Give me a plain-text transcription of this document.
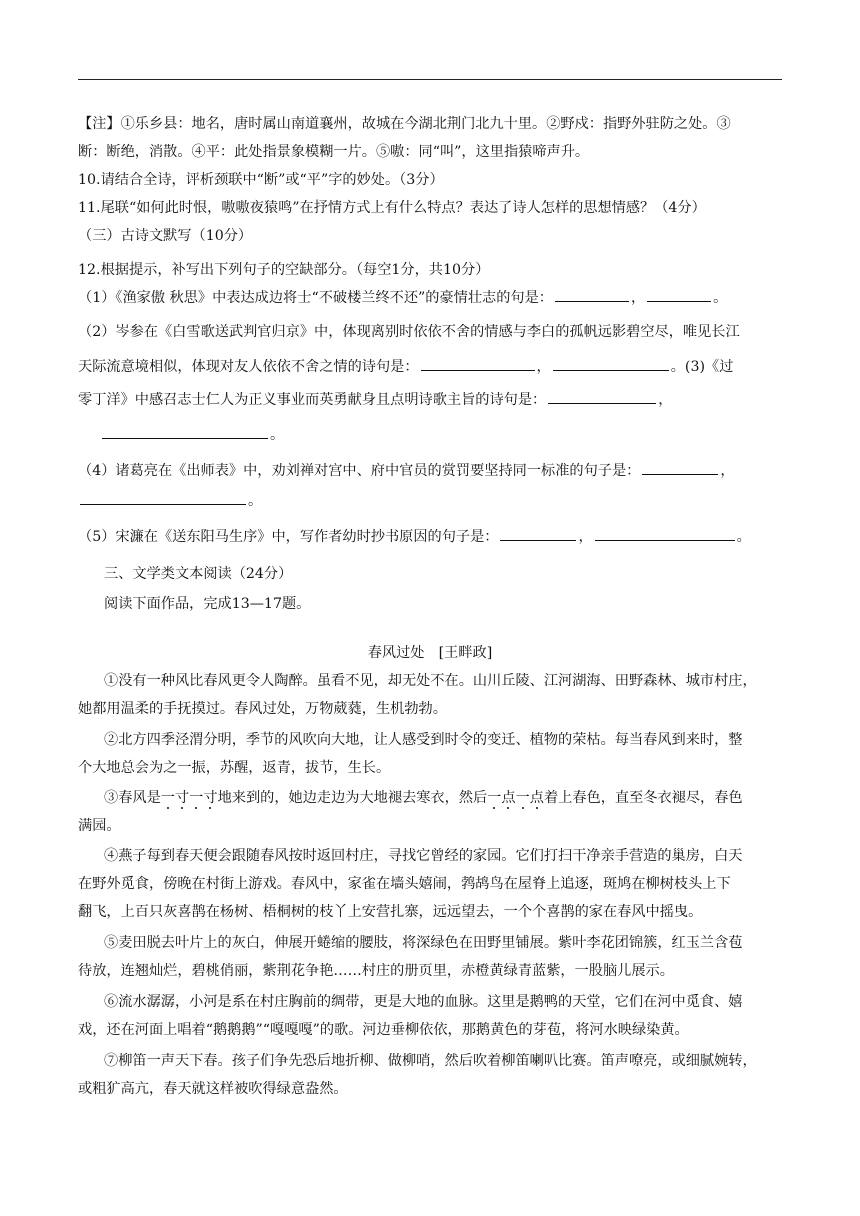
【注】①乐乡县：地名，唐时属山南道襄州，故城在今湖北荆门北九十里。②野戍：指野外驻防之处。③
断：断绝，消散。④平：此处指景象模糊一片。⑤嗷：同“叫”，这里指猿啼声升。
10.请结合全诗，评析颈联中“断”或“平”字的妙处。（3分）
11.尾联“如何此时恨，嗷嗷夜猿鸣”在抒情方式上有什么特点？表达了诗人怎样的思想情感？（4分）
（三）古诗文默写（10分）
12.根据提示，补写出下列句子的空缺部分。（每空1分，共10分）
（1）《渔家傲 秋思》中表达成边将士“不破楼兰终不还”的豪情壮志的句是：	，	。
（2）岑参在《白雪歌送武判官归京》中，体现离别时依依不舍的情感与李白的孤帆远影碧空尽，唯见长江
天际流意境相似，体现对友人依依不舍之情的诗句是：	，	。(3)《过
零丁洋》中感召志士仁人为正义事业而英勇献身且点明诗歌主旨的诗句是：	，
。
（4）诸葛亮在《出师表》中，劝刘禅对宫中、府中官员的赏罚要坚持同一标准的句子是：	，
。
（5）宋濂在《送东阳马生序》中，写作者幼时抄书原因的句子是：	，	。
三、文学类文本阅读（24分）
阅读下面作品，完成13—17题。
春风过处　[王畔政]
①没有一种风比春风更令人陶醉。虽看不见，却无处不在。山川丘陵、江河湖海、田野森林、城市村庄，
她都用温柔的手抚摸过。春风过处，万物葳蕤，生机勃勃。
②北方四季泾渭分明，季节的风吹向大地，让人感受到时令的变迁、植物的荣枯。每当春风到来时，整
个大地总会为之一振，苏醒，返青，拔节，生长。
③春风是一寸一寸地来到的，她边走边为大地褪去寒衣，然后一点一点着上春色，直至冬衣褪尽，春色
满园。
④燕子每到春天便会跟随春风按时返回村庄，寻找它曾经的家园。它们打扫干净亲手营造的巢房，白天
在野外觅食，傍晚在村街上游戏。春风中，家雀在墙头嬉闹，鹁鸪鸟在屋脊上追逐，斑鸠在柳树枝头上下
翻飞，上百只灰喜鹊在杨树、梧桐树的枝丫上安营扎寨，远远望去，一个个喜鹊的家在春风中摇曳。
⑤麦田脱去叶片上的灰白，伸展开蜷缩的腰肢，将深绿色在田野里铺展。紫叶李花团锦簇，红玉兰含苞
待放，连翘灿烂，碧桃俏丽，紫荆花争艳……村庄的册页里，赤橙黄绿青蓝紫，一股脑儿展示。
⑥流水潺潺，小河是系在村庄胸前的绸带，更是大地的血脉。这里是鹅鸭的天堂，它们在河中觅食、嬉
戏，还在河面上唱着“鹅鹅鹅”“嘎嘎嘎”的歌。河边垂柳依依，那鹅黄色的芽苞，将河水映绿染黄。
⑦柳笛一声天下春。孩子们争先恐后地折柳、做柳哨，然后吹着柳笛喇叭比赛。笛声嘹亮，或细腻婉转，
或粗犷高亢，春天就这样被吹得绿意盎然。
